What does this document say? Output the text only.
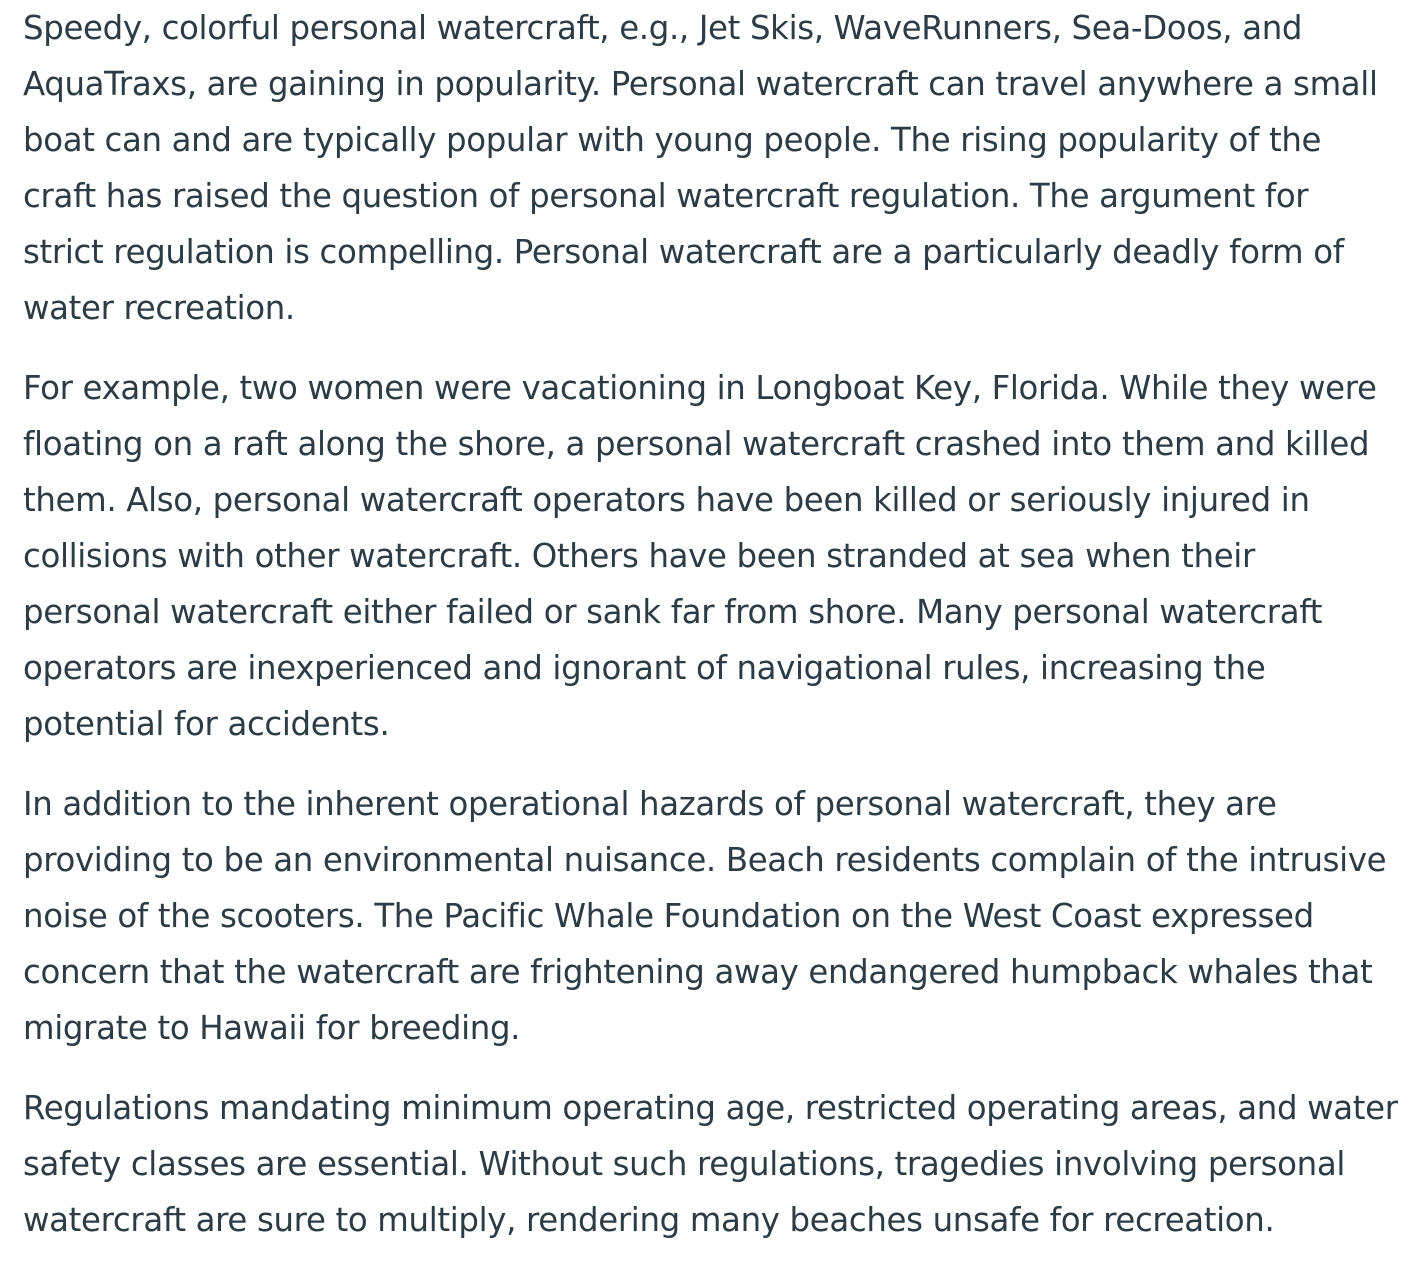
Speedy, colorful personal watercraft, e.g., Jet Skis, WaveRunners, Sea-Doos, and
AquaTraxs, are gaining in popularity. Personal watercraft can travel anywhere a small
boat can and are typically popular with young people. The rising popularity of the
craft has raised the question of personal watercraft regulation. The argument for
strict regulation is compelling. Personal watercraft are a particularly deadly form of
water recreation.

For example, two women were vacationing in Longboat Key, Florida. While they were
floating on a raft along the shore, a personal watercraft crashed into them and killed
them. Also, personal watercraft operators have been killed or seriously injured in
collisions with other watercraft. Others have been stranded at sea when their
personal watercraft either failed or sank far from shore. Many personal watercraft
operators are inexperienced and ignorant of navigational rules, increasing the
potential for accidents.

In addition to the inherent operational hazards of personal watercraft, they are
providing to be an environmental nuisance. Beach residents complain of the intrusive
noise of the scooters. The Pacific Whale Foundation on the West Coast expressed
concern that the watercraft are frightening away endangered humpback whales that
migrate to Hawaii for breeding.

Regulations mandating minimum operating age, restricted operating areas, and water
safety classes are essential. Without such regulations, tragedies involving personal
watercraft are sure to multiply, rendering many beaches unsafe for recreation.
